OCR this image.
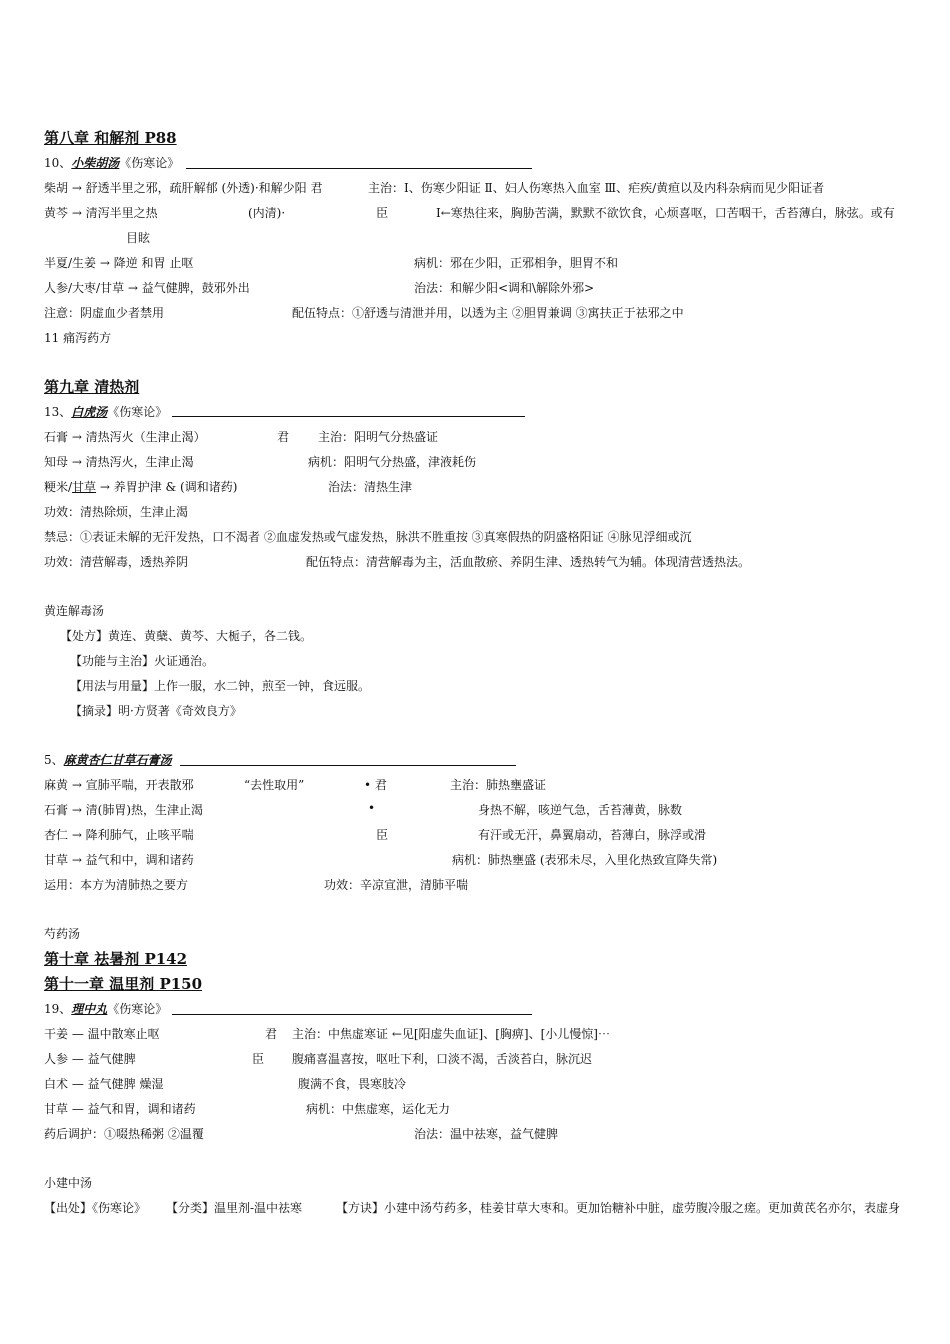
第八章 和解剂 P88
10、小柴胡汤《伤寒论》
柴胡 → 舒透半里之邪，疏肝解郁 (外透)·和解少阳 君	主治：Ⅰ、伤寒少阳证 Ⅱ、妇人伤寒热入血室 Ⅲ、疟疾/黄疸以及内科杂病而见少阳证者
黄芩 → 清泻半里之热	(内清)·	臣	Ⅰ←寒热往来，胸胁苦满，默默不欲饮食，心烦喜呕，口苦咽干，舌苔薄白，脉弦。或有
目眩
半夏/生姜 → 降逆 和胃 止呕	病机：邪在少阳，正邪相争，胆胃不和
人参/大枣/甘草 → 益气健脾，鼓邪外出	治法：和解少阳<调和\解除外邪>
注意：阴虚血少者禁用	配伍特点：①舒透与清泄并用，以透为主 ②胆胃兼调 ③寓扶正于祛邪之中
11 痛泻药方
第九章 清热剂
13、白虎汤《伤寒论》
石膏 → 清热泻火（生津止渴）	君 主治：阳明气分热盛证
知母 → 清热泻火，生津止渴	病机：阳明气分热盛，津液耗伤
粳米/甘草 → 养胃护津 & (调和诸药)	治法：清热生津
功效：清热除烦，生津止渴
禁忌：①表证未解的无汗发热，口不渴者 ②血虚发热或气虚发热，脉洪不胜重按 ③真寒假热的阴盛格阳证 ④脉见浮细或沉
功效：清营解毒，透热养阴	配伍特点：清营解毒为主，活血散瘀、养阴生津、透热转气为辅。体现清营透热法。
黄连解毒汤
【处方】黄连、黄蘖、黄芩、大栀子，各二钱。
【功能与主治】火证通治。
【用法与用量】上作一服，水二钟，煎至一钟，食远服。
【摘录】明·方贤著《奇效良方》
5、麻黄杏仁甘草石膏汤
麻黄 → 宣肺平喘，开表散邪	“去性取用”	• 君	主治：肺热壅盛证
石膏 → 清(肺胃)热，生津止渴	•	身热不解，咳逆气急，舌苔薄黄，脉数
杏仁 → 降利肺气，止咳平喘	臣	有汗或无汗，鼻翼扇动，苔薄白，脉浮或滑
甘草 → 益气和中，调和诸药	病机：肺热壅盛 (表邪未尽，入里化热致宣降失常)
运用：本方为清肺热之要方	功效：辛凉宣泄，清肺平喘
芍药汤
第十章 祛暑剂 P142
第十一章 温里剂 P150
19、理中丸《伤寒论》
干姜 — 温中散寒止呕	君 主治：中焦虚寒证 ←见[阳虚失血证]、[胸痹]、[小儿慢惊]⋯
人参 — 益气健脾	臣 腹痛喜温喜按，呕吐下利，口淡不渴，舌淡苔白，脉沉迟
白术 — 益气健脾 燥湿	腹满不食，畏寒肢冷
甘草 — 益气和胃，调和诸药	病机：中焦虚寒，运化无力
药后调护：①啜热稀粥 ②温覆	治法：温中祛寒，益气健脾
小建中汤
【出处】《伤寒论》 【分类】温里剂-温中祛寒	【方诀】小建中汤芍药多，桂姜甘草大枣和。更加饴糖补中脏，虚劳腹冷服之瘥。更加黄芪名亦尔，表虚身
